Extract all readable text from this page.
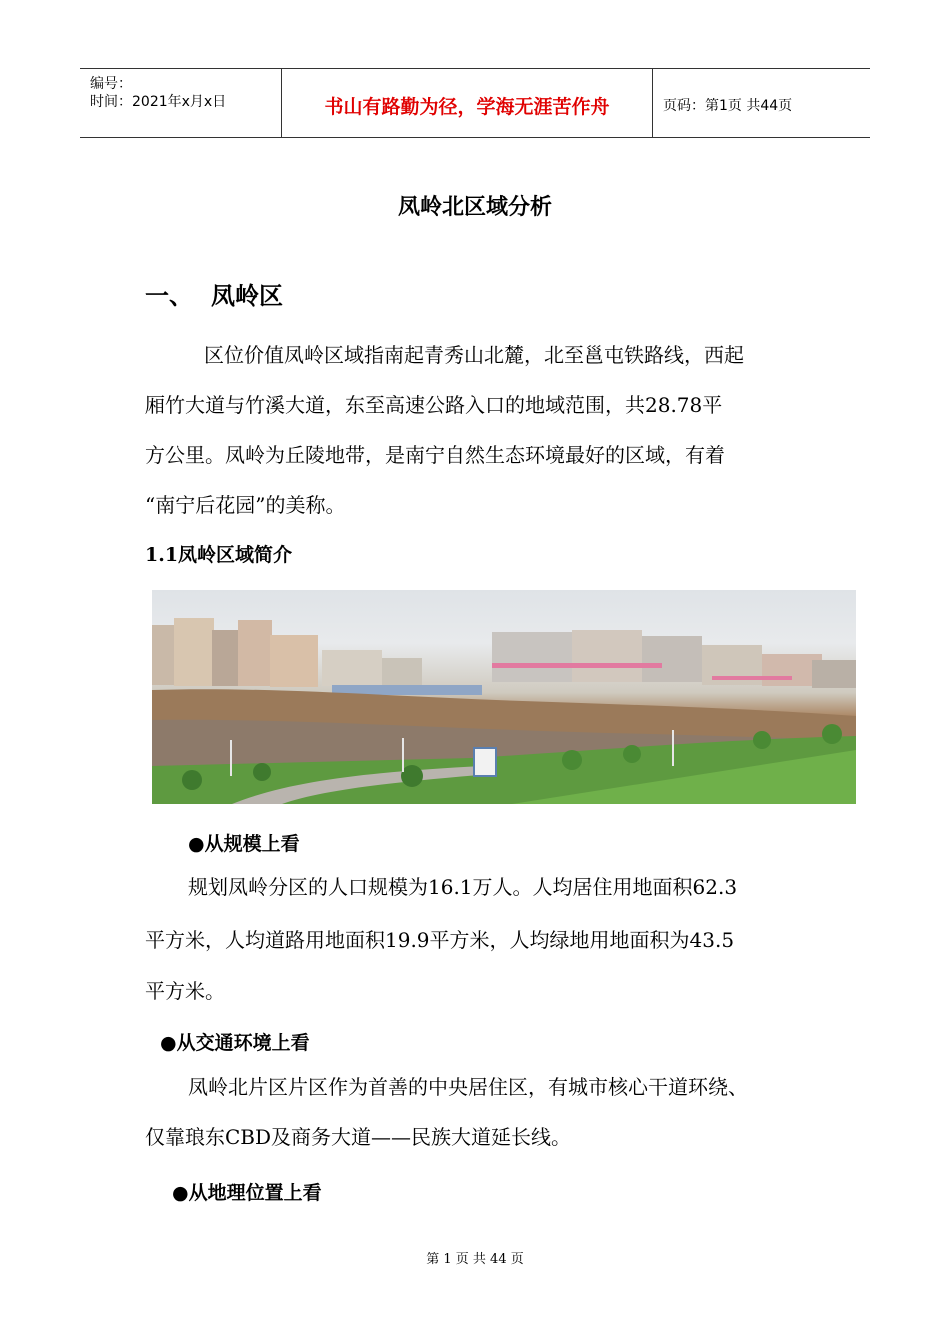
编号：
时间：2021年x月x日	书山有路勤为径，学海无涯苦作舟	页码：第1页 共44页
凤岭北区域分析
一、 凤岭区
区位价值凤岭区域指南起青秀山北麓，北至邕屯铁路线，西起
厢竹大道与竹溪大道，东至高速公路入口的地域范围，共28.78平
方公里。凤岭为丘陵地带，是南宁自然生态环境最好的区域，有着
“南宁后花园”的美称。
1.1凤岭区域简介
●从规模上看
规划凤岭分区的人口规模为16.1万人。人均居住用地面积62.3
平方米，人均道路用地面积19.9平方米，人均绿地用地面积为43.5
平方米。
●从交通环境上看
凤岭北片区片区作为首善的中央居住区，有城市核心干道环绕、
仅靠琅东CBD及商务大道——民族大道延长线。
●从地理位置上看
第 1 页 共 44 页
